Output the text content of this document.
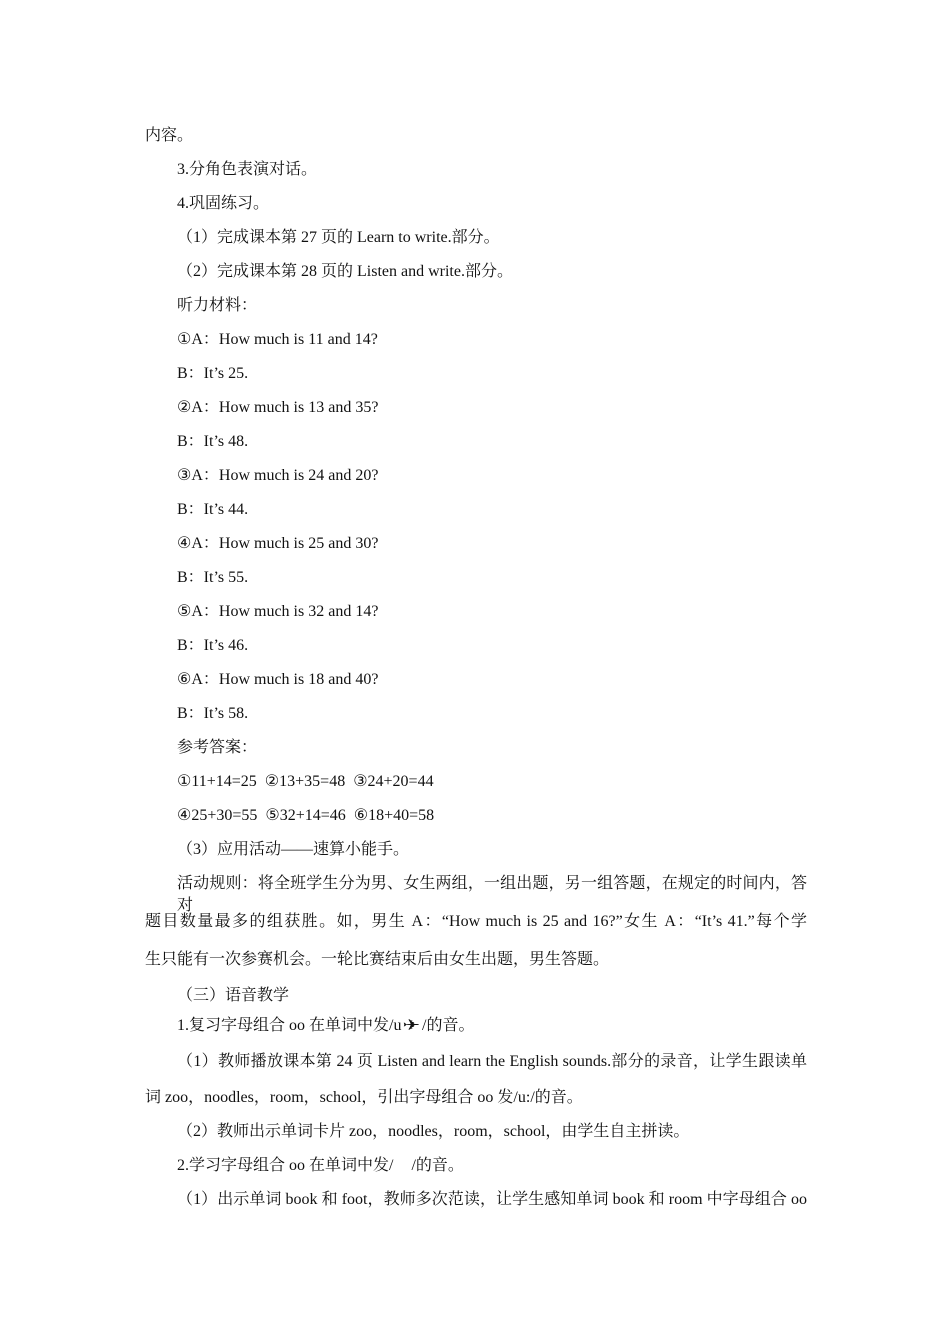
内容。
3.分角色表演对话。
4.巩固练习。
（1）完成课本第 27 页的 Learn to write.部分。
（2）完成课本第 28 页的 Listen and write.部分。
听力材料：
①A：How much is 11 and 14?
B：It’s 25.
②A：How much is 13 and 35?
B：It’s 48.
③A：How much is 24 and 20?
B：It’s 44.
④A：How much is 25 and 30?
B：It’s 55.
⑤A：How much is 32 and 14?
B：It’s 46.
⑥A：How much is 18 and 40?
B：It’s 58.
参考答案：
①11+14=25  ②13+35=48  ③24+20=44
④25+30=55  ⑤32+14=46  ⑥18+40=58
（3）应用活动——速算小能手。
活动规则：将全班学生分为男、女生两组，一组出题，另一组答题，在规定的时间内，答对
题目数量最多的组获胜。如，男生 A：“How much is 25 and 16?”女生 A：“It’s 41.”每个学
生只能有一次参赛机会。一轮比赛结束后由女生出题，男生答题。
（三）语音教学
1.复习字母组合 oo 在单词中发/u✈/的音。
（1）教师播放课本第 24 页 Listen and learn the English sounds.部分的录音，让学生跟读单
词 zoo，noodles，room，school，引出字母组合 oo 发/u:/的音。
（2）教师出示单词卡片 zoo，noodles，room，school，由学生自主拼读。
2.学习字母组合 oo 在单词中发/ /的音。
（1）出示单词 book 和 foot，教师多次范读，让学生感知单词 book 和 room 中字母组合 oo
